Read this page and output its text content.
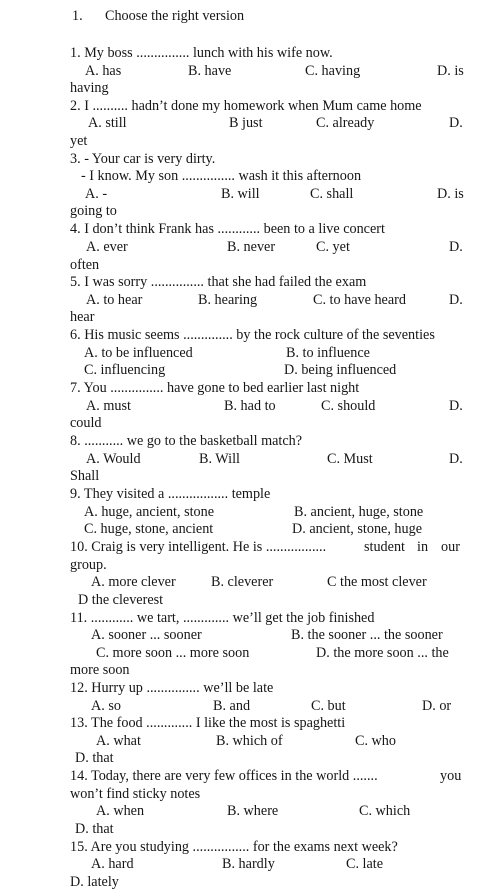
1. Choose the right version
1. My boss ............... lunch with his wife now.
A. has	B. have	C. having	D. is
having
2. I .......... hadn’t done my homework when Mum came home
A. still	B just	C. already	D.
yet
3. - Your car is very dirty.
- I know. My son ............... wash it this afternoon
A. -	B. will	C. shall	D. is
going to
4. I don’t think Frank has ............ been to a live concert
A. ever	B. never	C. yet	D.
often
5. I was sorry ............... that she had failed the exam
A. to hear	B. hearing	C. to have heard	D.
hear
6. His music seems .............. by the rock culture of the seventies
A. to be influenced	B. to influence
C. influencing	D. being influenced
7. You ............... have gone to bed earlier last night
A. must	B. had to	C. should	D.
could
8. ........... we go to the basketball match?
A. Would	B. Will	C. Must	D.
Shall
9. They visited a ................. temple
A. huge, ancient, stone	B. ancient, huge, stone
C. huge, stone, ancient	D. ancient, stone, huge
10. Craig is very intelligent. He is .................	student in our
group.
A. more clever B. cleverer	C the most clever
D the cleverest
11. ............ we tart, ............. we’ll get the job finished
A. sooner ... sooner	B. the sooner ... the sooner
C. more soon ... more soon	D. the more soon ... the
more soon
12. Hurry up ............... we’ll be late
A. so	B. and	C. but	D. or
13. The food ............. I like the most is spaghetti
A. what	B. which of	C. who
D. that
14. Today, there are very few offices in the world .......	you
won’t find sticky notes
A. when	B. where	C. which
D. that
15. Are you studying ................ for the exams next week?
A. hard	B. hardly	C. late
D. lately
